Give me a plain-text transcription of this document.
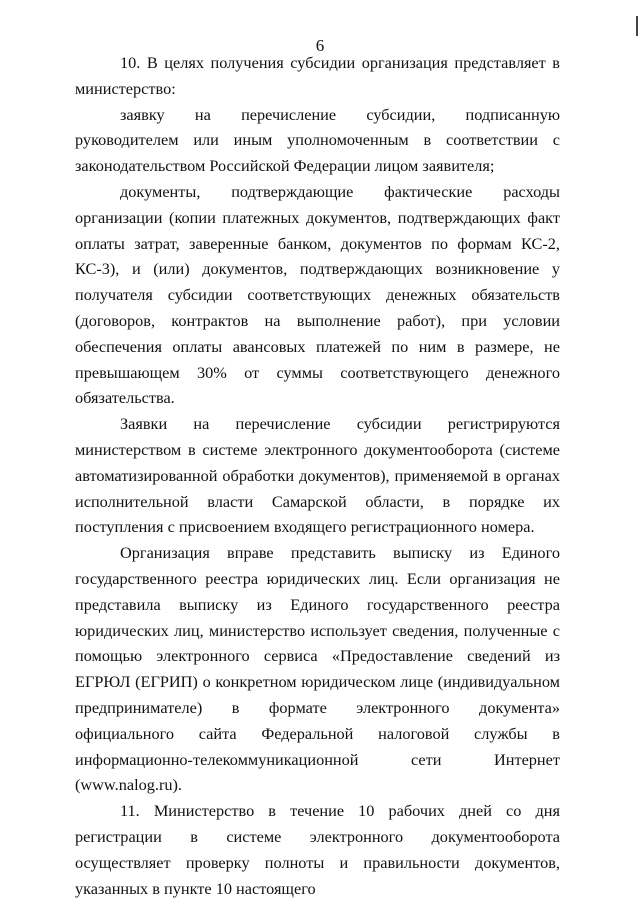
6

10. В целях получения субсидии организация представляет в министерство:

заявку на перечисление субсидии, подписанную руководителем или иным уполномоченным в соответствии с законодательством Российской Федерации лицом заявителя;

документы, подтверждающие фактические расходы организации (копии платежных документов, подтверждающих факт оплаты затрат, заверенные банком, документов по формам КС-2, КС-3), и (или) документов, подтверждающих возникновение у получателя субсидии соответствующих денежных обязательств (договоров, контрактов на выполнение работ), при условии обеспечения оплаты авансовых платежей по ним в размере, не превышающем 30% от суммы соответствующего денежного обязательства.

Заявки на перечисление субсидии регистрируются министерством в системе электронного документооборота (системе автоматизированной обработки документов), применяемой в органах исполнительной власти Самарской области, в порядке их поступления с присвоением входящего регистрационного номера.

Организация вправе представить выписку из Единого государственного реестра юридических лиц. Если организация не представила выписку из Единого государственного реестра юридических лиц, министерство использует сведения, полученные с помощью электронного сервиса «Предоставление сведений из ЕГРЮЛ (ЕГРИП) о конкретном юридическом лице (индивидуальном предпринимателе) в формате электронного документа» официального сайта Федеральной налоговой службы в информационно-телекоммуникационной сети Интернет (www.nalog.ru).

11. Министерство в течение 10 рабочих дней со дня регистрации в системе электронного документооборота осуществляет проверку полноты и правильности документов, указанных в пункте 10 настоящего
